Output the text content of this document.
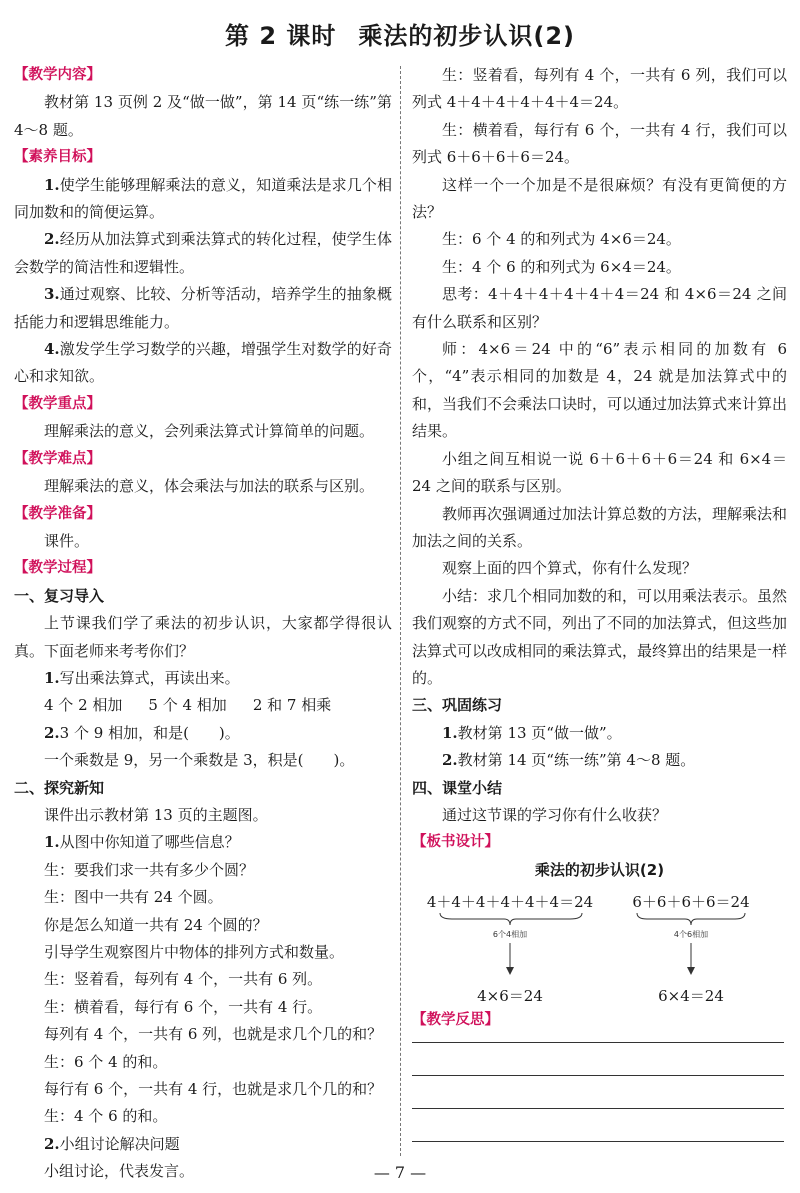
第 2 课时 乘法的初步认识(2)
【教学内容】
教材第 13 页例 2 及“做一做”，第 14 页“练一练”第 4～8 题。
【素养目标】
1.使学生能够理解乘法的意义，知道乘法是求几个相同加数和的简便运算。
2.经历从加法算式到乘法算式的转化过程，使学生体会数学的简洁性和逻辑性。
3.通过观察、比较、分析等活动，培养学生的抽象概括能力和逻辑思维能力。
4.激发学生学习数学的兴趣，增强学生对数学的好奇心和求知欲。
【教学重点】
理解乘法的意义，会列乘法算式计算简单的问题。
【教学难点】
理解乘法的意义，体会乘法与加法的联系与区别。
【教学准备】
课件。
【教学过程】
一、复习导入
上节课我们学了乘法的初步认识，大家都学得很认真。下面老师来考考你们？
1.写出乘法算式，再读出来。
4 个 2 相加 5 个 4 相加 2 和 7 相乘
2.3 个 9 相加，和是(　　)。
一个乘数是 9，另一个乘数是 3，积是(　　)。
二、探究新知
课件出示教材第 13 页的主题图。
1.从图中你知道了哪些信息？
生：要我们求一共有多少个圆？
生：图中一共有 24 个圆。
你是怎么知道一共有 24 个圆的？
引导学生观察图片中物体的排列方式和数量。
生：竖着看，每列有 4 个，一共有 6 列。
生：横着看，每行有 6 个，一共有 4 行。
每列有 4 个，一共有 6 列，也就是求几个几的和？
生：6 个 4 的和。
每行有 6 个，一共有 4 行，也就是求几个几的和？
生：4 个 6 的和。
2.小组讨论解决问题
小组讨论，代表发言。
生：竖着看，每列有 4 个，一共有 6 列，我们可以列式 4＋4＋4＋4＋4＋4＝24。
生：横着看，每行有 6 个，一共有 4 行，我们可以列式 6＋6＋6＋6＝24。
这样一个一个加是不是很麻烦？有没有更简便的方法？
生：6 个 4 的和列式为 4×6＝24。
生：4 个 6 的和列式为 6×4＝24。
思考：4＋4＋4＋4＋4＋4＝24 和 4×6＝24 之间有什么联系和区别？
师：4×6＝24 中的“6”表示相同的加数有 6 个，“4”表示相同的加数是 4，24 就是加法算式中的和，当我们不会乘法口诀时，可以通过加法算式来计算出结果。
小组之间互相说一说 6＋6＋6＋6＝24 和 6×4＝24 之间的联系与区别。
教师再次强调通过加法计算总数的方法，理解乘法和加法之间的关系。
观察上面的四个算式，你有什么发现？
小结：求几个相同加数的和，可以用乘法表示。虽然我们观察的方式不同，列出了不同的加法算式，但这些加法算式可以改成相同的乘法算式，最终算出的结果是一样的。
三、巩固练习
1.教材第 13 页“做一做”。
2.教材第 14 页“练一练”第 4～8 题。
四、课堂小结
通过这节课的学习你有什么收获？
【板书设计】
乘法的初步认识(2)
4＋4＋4＋4＋4＋4＝24
6个4相加
4×6＝24
6＋6＋6＋6＝24
4个6相加
6×4＝24
【教学反思】
— 7 —
